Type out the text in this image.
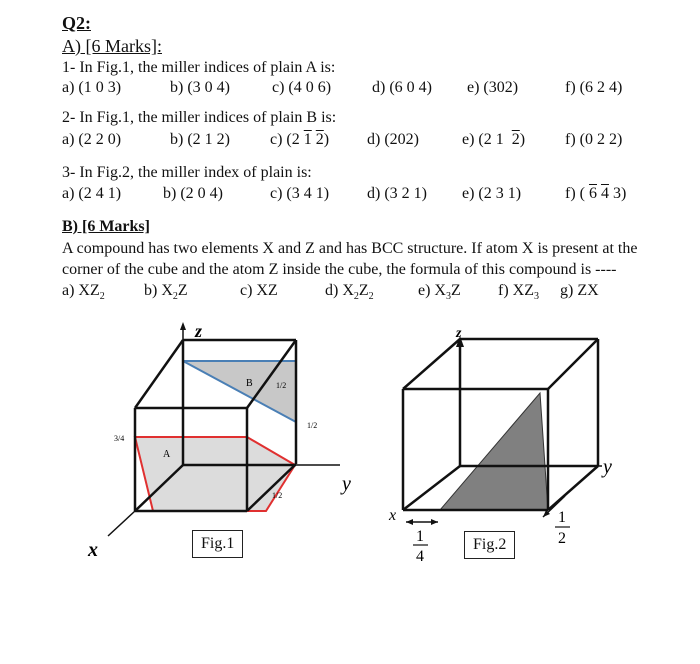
Q2:
A) [6 Marks]:
1- In Fig.1, the miller indices of plain A is:
a) (1 0 3)	b) (3 0 4)	c) (4 0 6)	d) (6 0 4) e) (302)	f) (6 2 4)
2- In Fig.1, the miller indices of plain B is:
a) (2 2 0)	b) (2 1 2)	c) (2 1 2) d) (202)	e) (2 1  2) f) (0 2 2)
3- In Fig.2, the miller index of plain is:
a) (2 4 1)	b) (2 0 4)	c) (3 4 1) d) (3 2 1) e) (2 3 1)	f) ( 6 4 3)
B) [6 Marks]
A compound has two elements X and Z and has BCC structure. If atom X is present at the
corner of the cube and the atom Z inside the cube, the formula of this compound is ----
a) $XZ_2$ b) $X_2Z$	c) XZ	d) $X_2Z_2$	e) $X_3Z$ f) $XZ_3$ g) ZX
z
y
x
A
B
3/4
1/2
1/2
1/2
z
y
x
1
4
1
2
Fig.1	Fig.2
